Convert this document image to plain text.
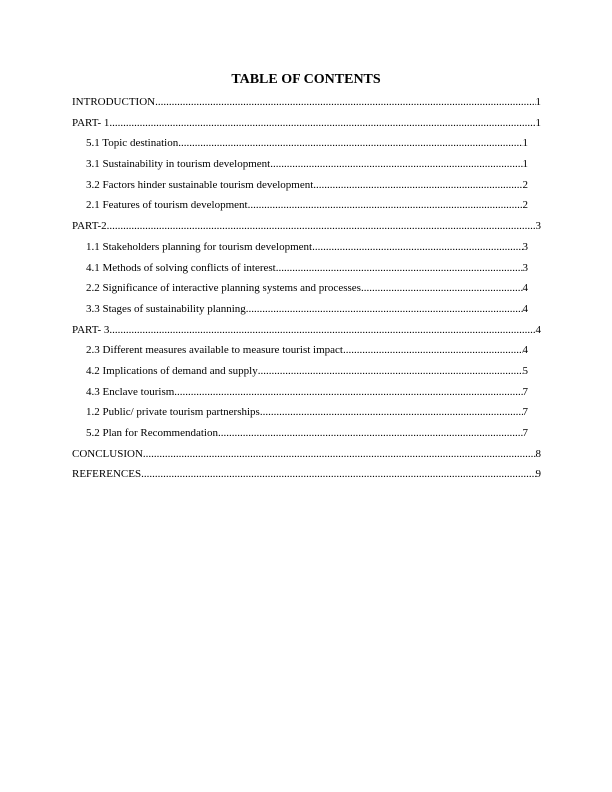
TABLE OF CONTENTS
INTRODUCTION .....	1
PART- 1 .....	1
5.1 Topic destination .....	1
3.1 Sustainability in tourism development .....	1
3.2 Factors hinder sustainable tourism development .....	2
2.1 Features of tourism development .....	2
PART-2 .....	3
1.1 Stakeholders planning for tourism development .....	3
4.1 Methods of solving conflicts of interest .....	3
2.2 Significance of interactive planning systems and processes .....	4
3.3 Stages of sustainability planning .....	4
PART- 3 .....	4
2.3 Different measures available to measure tourist impact .....	4
4.2 Implications of demand and supply .....	5
4.3 Enclave tourism .....	7
1.2 Public/ private tourism partnerships .....	7
5.2 Plan for Recommendation .....	7
CONCLUSION .....	8
REFERENCES .....	9
